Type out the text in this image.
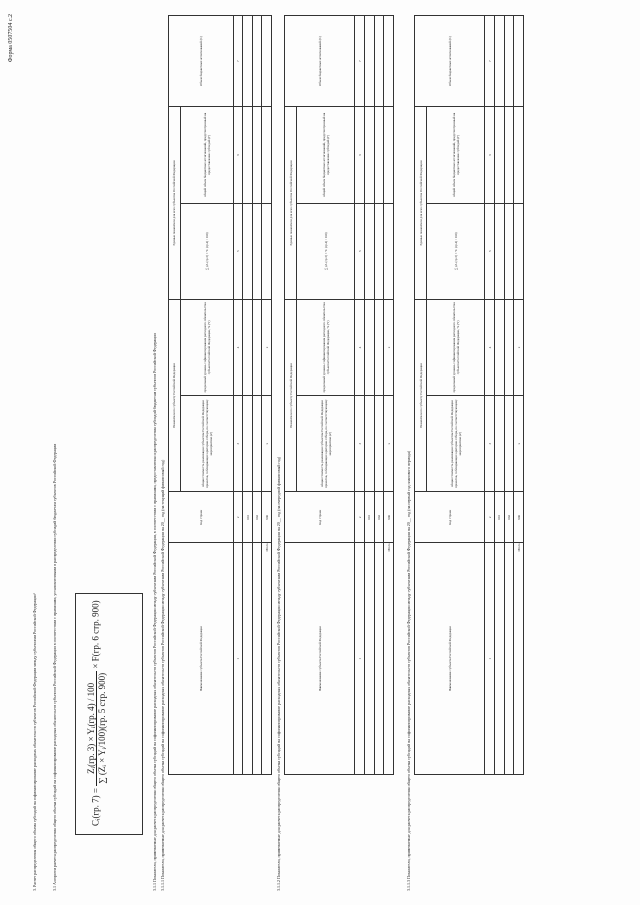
Форма 0507504 с.2
3. Расчет распределения общего объема субсидий на софинансирование расходных обязательств субъектов Российской Федерации между субъектами Российской Федерации¹	3.1 Алгоритм расчета распределения общего объема субсидий на софинансирование расходных обязательств субъектов Российской Федерации в соответствии с правилами, установленными в распределении субсидий бюджетам субъектов Российской Федерации	Cᵢ(гр. 7) =
Zᵢ(гр. 3) × Yᵢ(гр. 4) / 100 ∑ (Zᵢ × Yᵢ/100)(гр. 5 стр. 900)
× F(гр. 6 стр. 900)	3.1.1 Показатели, применяемые для расчета распределения общего объема субсидий на софинансирование расходных обязательств субъектов Российской Федерации между субъектами Российской Федерации, в соответствии с правилами, предоставления и распределения субсидий бюджетам субъектов Российской Федерации 3.1.1.1 Показатели, применяемые для расчета распределения общего объема субсидий на софинансирование расходных обязательств субъектов Российской Федерации между субъектами Российской Федерации на 20__ год (на текущий финансовый год)	3.1.1.2 Показатели, применяемые для расчета распределения общего объема субсидий на софинансирование расходных обязательств субъектов Российской Федерации между субъектами Российской Федерации на 20__ год (на очередной финансовый год)	3.1.1.3 Показатели, применяемые для расчета распределения общего объема субсидий на софинансирование расходных обязательств субъектов Российской Федерации между субъектами Российской Федерации на 20__ год (на первый год планового периода)
Наименование субъекта Российской Федерации	Код строки	Показатели по субъекту Российской Федерации		Единые показатели для всех субъектов Российской Федерации		Объем бюджетных ассигнований (C)
		общая стоимость реализации субъектом Российской Федерации проектов, соблюдающих критерии отбора, по соответствующему мероприятию (Z)	предельный уровень софинансирования расходного обязательства субъекта Российской Федерации, % (Y)	∑ (Zᵢ (гр.3) × Yᵢ (гр.4) / 100)	общий объем бюджетных ассигнований, предусмотренный на предоставление субсидий (F)	
1	2	3	4	5	6	7
	001					
	002					
Итого	900	x	x			
Наименование субъекта Российской Федерации	Код строки	Показатели по субъекту Российской Федерации		Единые показатели для всех субъектов Российской Федерации		Объем бюджетных ассигнований (C)
		общая стоимость реализации субъектом Российской Федерации проектов, соблюдающих критерии отбора, по соответствующему мероприятию (Z)	предельный уровень софинансирования расходного обязательства субъекта Российской Федерации, % (Y)	∑ (Zᵢ (гр.3) × Yᵢ (гр.4) / 100)	общий объем бюджетных ассигнований, предусмотренный на предоставление субсидий (F)	
1	2	3	4	5	6	7
	001					
	002					
Итого	900	x	x			
Наименование субъекта Российской Федерации	Код строки	Показатели по субъекту Российской Федерации		Единые показатели для всех субъектов Российской Федерации		Объем бюджетных ассигнований (C)
		общая стоимость реализации субъектом Российской Федерации проектов, соблюдающих критерии отбора, по соответствующему мероприятию (Z)	предельный уровень софинансирования расходного обязательства субъекта Российской Федерации, % (Y)	∑ (Zᵢ (гр.3) × Yᵢ (гр.4) / 100)	общий объем бюджетных ассигнований, предусмотренный на предоставление субсидий (F)	
1	2	3	4	5	6	7
	001					
	002					
Итого	900	x	x			
